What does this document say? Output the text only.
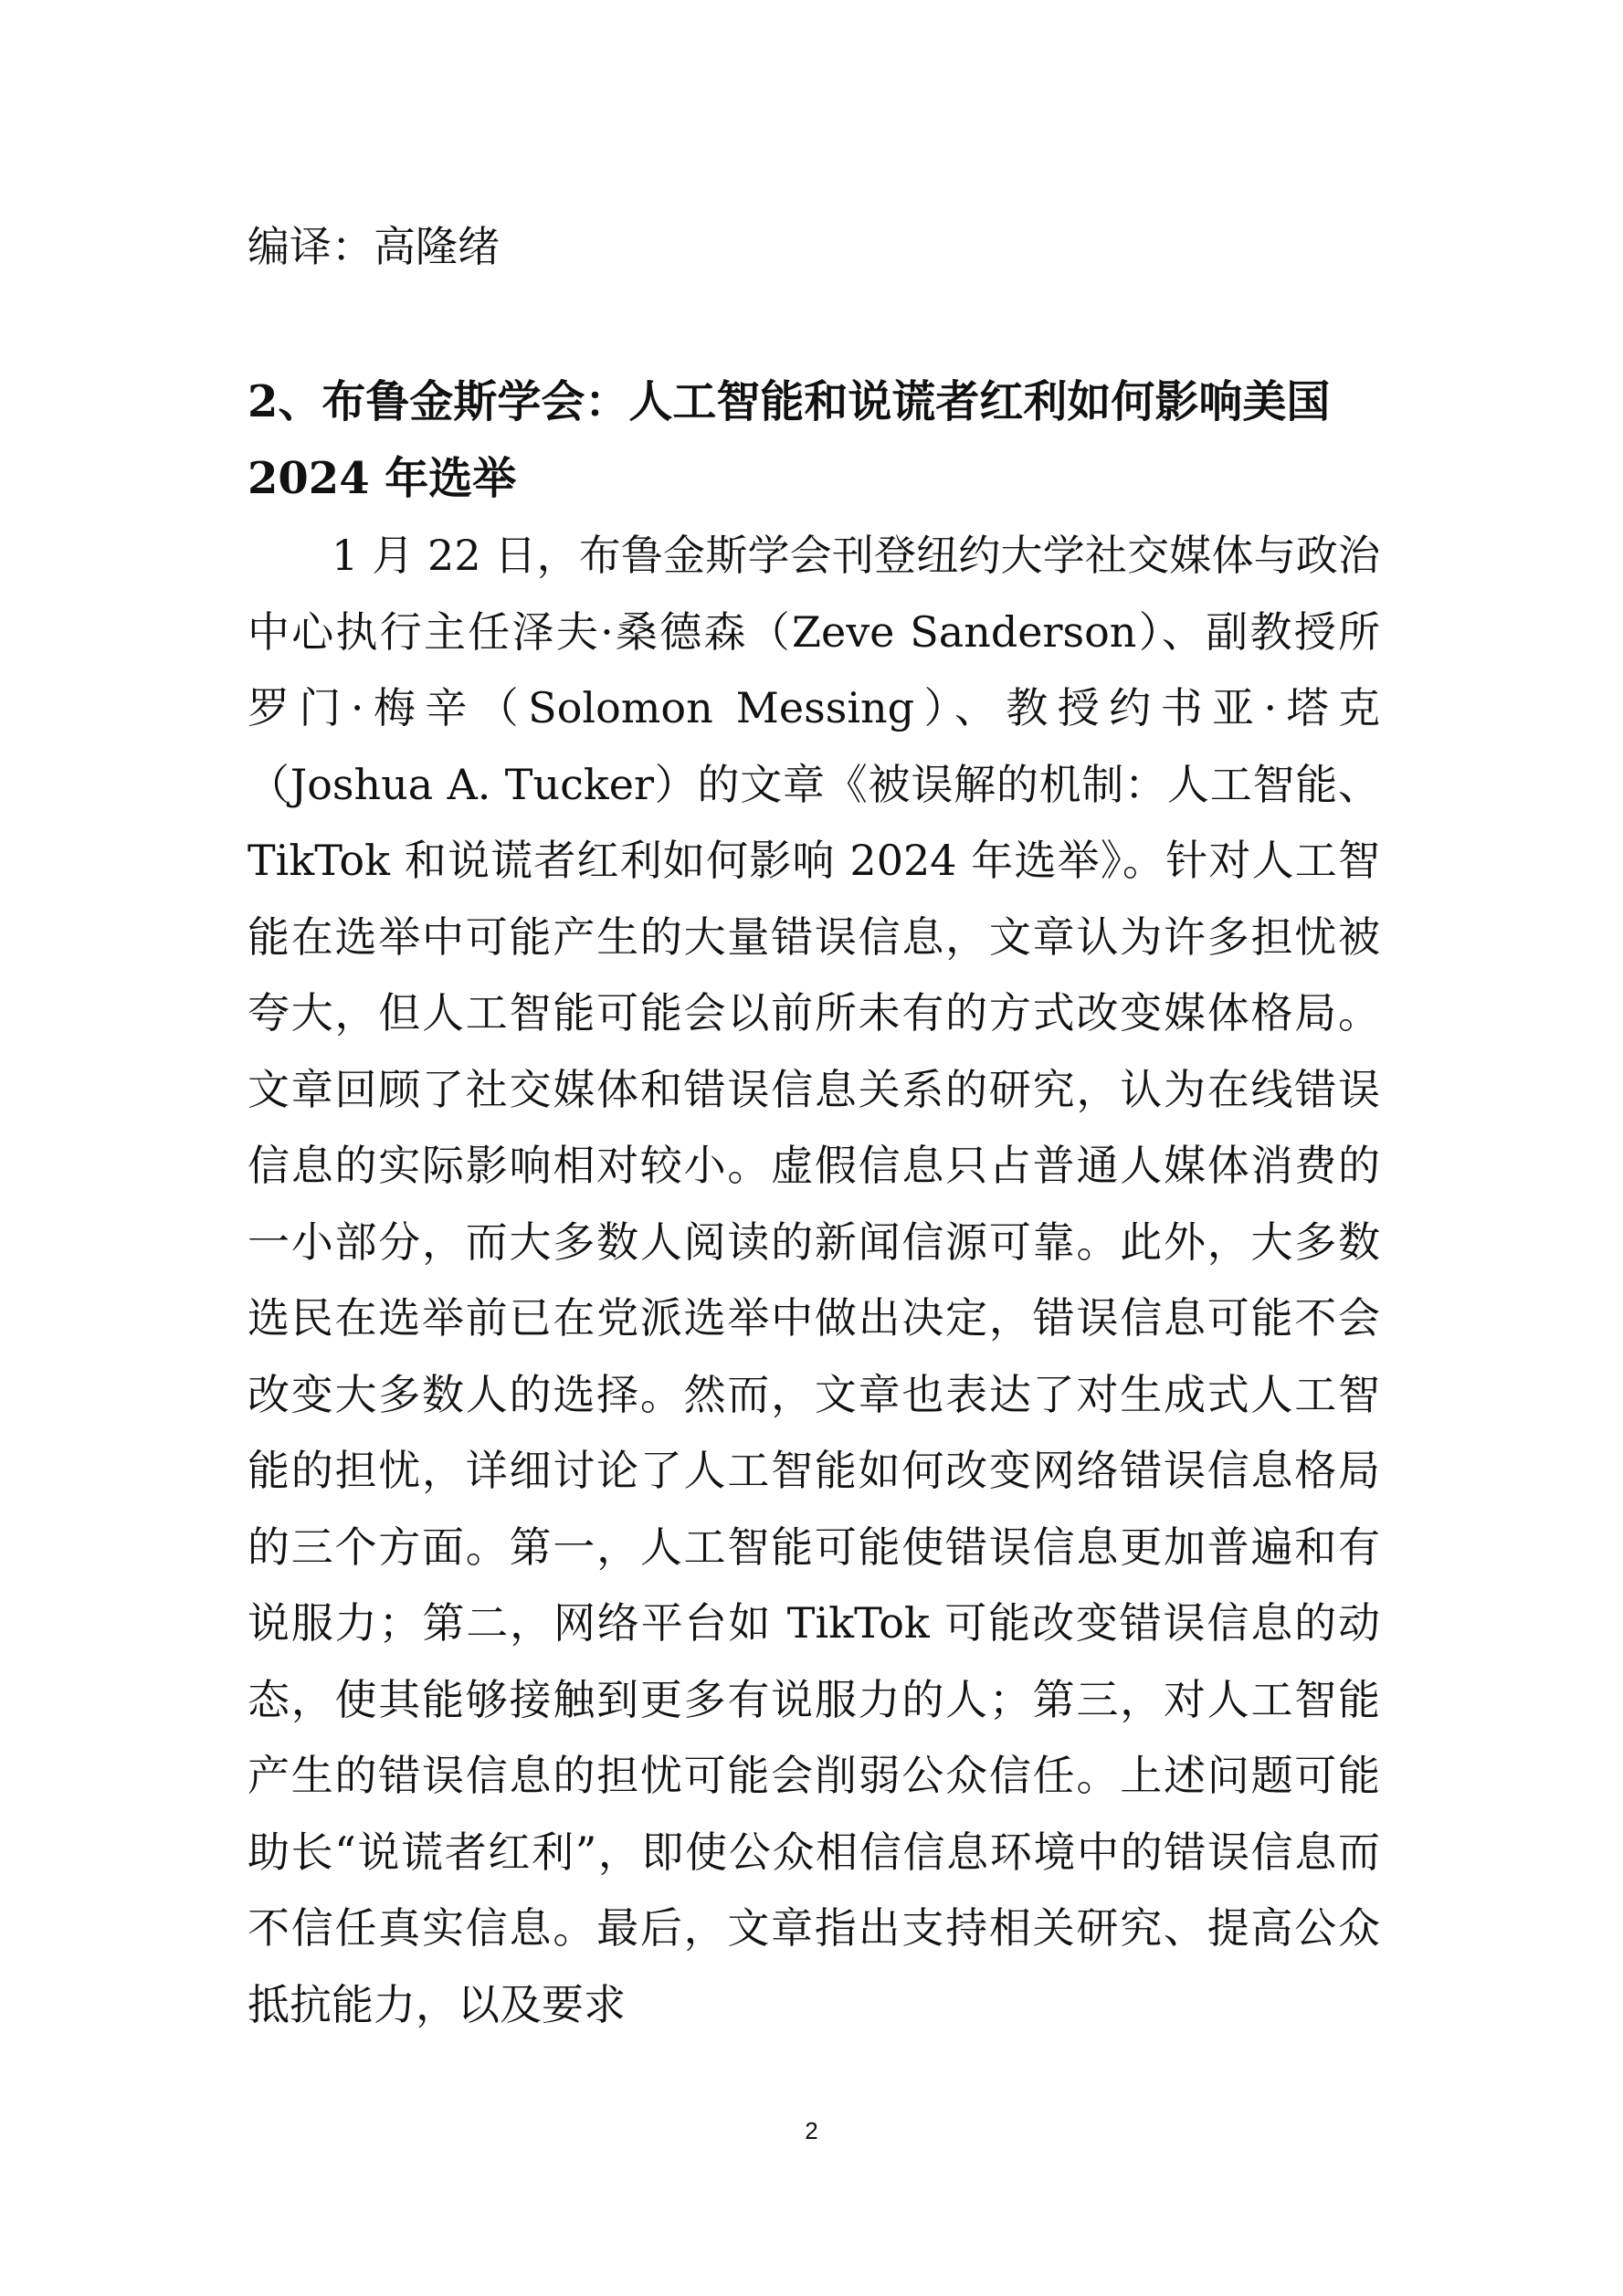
编译：高隆绪
2、布鲁金斯学会：人工智能和说谎者红利如何影响美国 2024 年选举

1 月 22 日，布鲁金斯学会刊登纽约大学社交媒体与政治中心执行主任泽夫·桑德森（Zeve Sanderson）、副教授所罗门·梅辛（Solomon Messing）、教授约书亚·塔克（Joshua A. Tucker）的文章《被误解的机制：人工智能、TikTok 和说谎者红利如何影响 2024 年选举》。针对人工智能在选举中可能产生的大量错误信息，文章认为许多担忧被夸大，但人工智能可能会以前所未有的方式改变媒体格局。文章回顾了社交媒体和错误信息关系的研究，认为在线错误信息的实际影响相对较小。虚假信息只占普通人媒体消费的一小部分，而大多数人阅读的新闻信源可靠。此外，大多数选民在选举前已在党派选举中做出决定，错误信息可能不会改变大多数人的选择。然而，文章也表达了对生成式人工智能的担忧，详细讨论了人工智能如何改变网络错误信息格局的三个方面。第一，人工智能可能使错误信息更加普遍和有说服力；第二，网络平台如 TikTok 可能改变错误信息的动态，使其能够接触到更多有说服力的人；第三，对人工智能产生的错误信息的担忧可能会削弱公众信任。上述问题可能助长“说谎者红利”，即使公众相信信息环境中的错误信息而不信任真实信息。最后，文章指出支持相关研究、提高公众抵抗能力，以及要求

2
